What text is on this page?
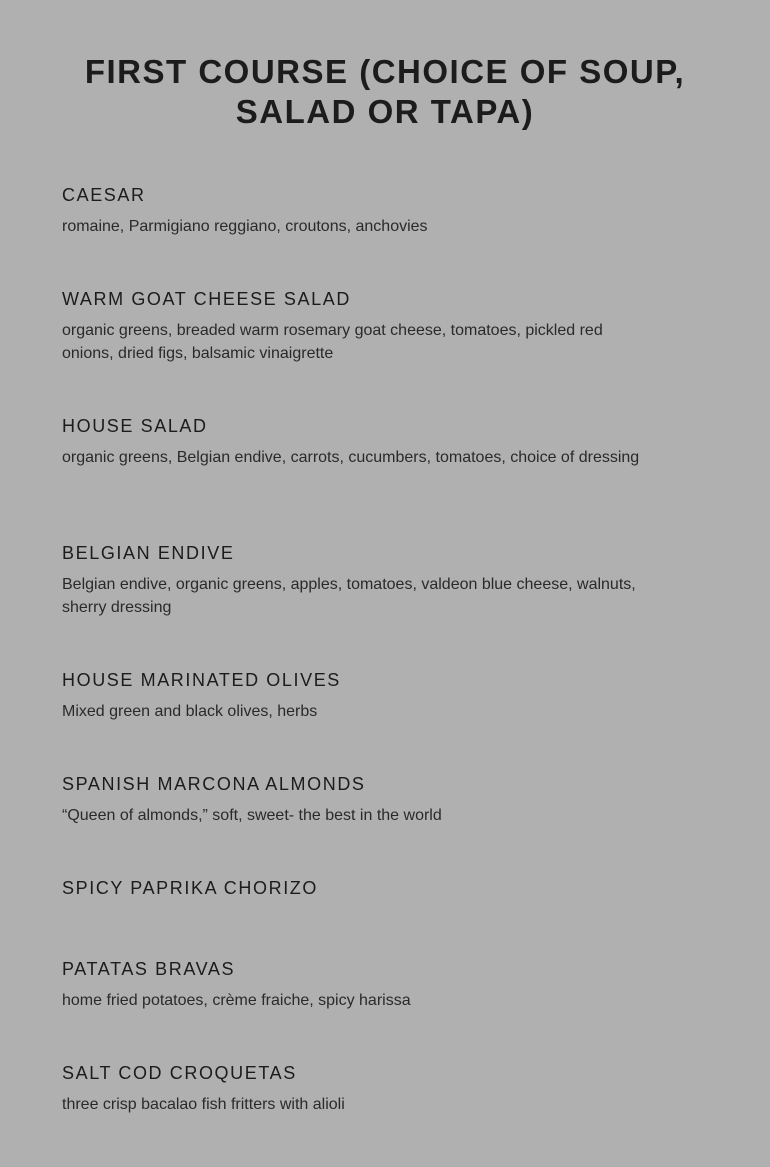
FIRST COURSE (CHOICE OF SOUP, SALAD OR TAPA)
CAESAR
romaine, Parmigiano reggiano, croutons, anchovies
WARM GOAT CHEESE SALAD
organic greens, breaded warm rosemary goat cheese, tomatoes, pickled red onions, dried figs, balsamic vinaigrette
HOUSE SALAD
organic greens, Belgian endive, carrots, cucumbers, tomatoes, choice of dressing
BELGIAN ENDIVE
Belgian endive, organic greens, apples, tomatoes, valdeon blue cheese, walnuts, sherry dressing
HOUSE MARINATED OLIVES
Mixed green and black olives, herbs
SPANISH MARCONA ALMONDS
“Queen of almonds,” soft, sweet- the best in the world
SPICY PAPRIKA CHORIZO
PATATAS BRAVAS
home fried potatoes, crème fraiche, spicy harissa
SALT COD CROQUETAS
three crisp bacalao fish fritters with alioli
